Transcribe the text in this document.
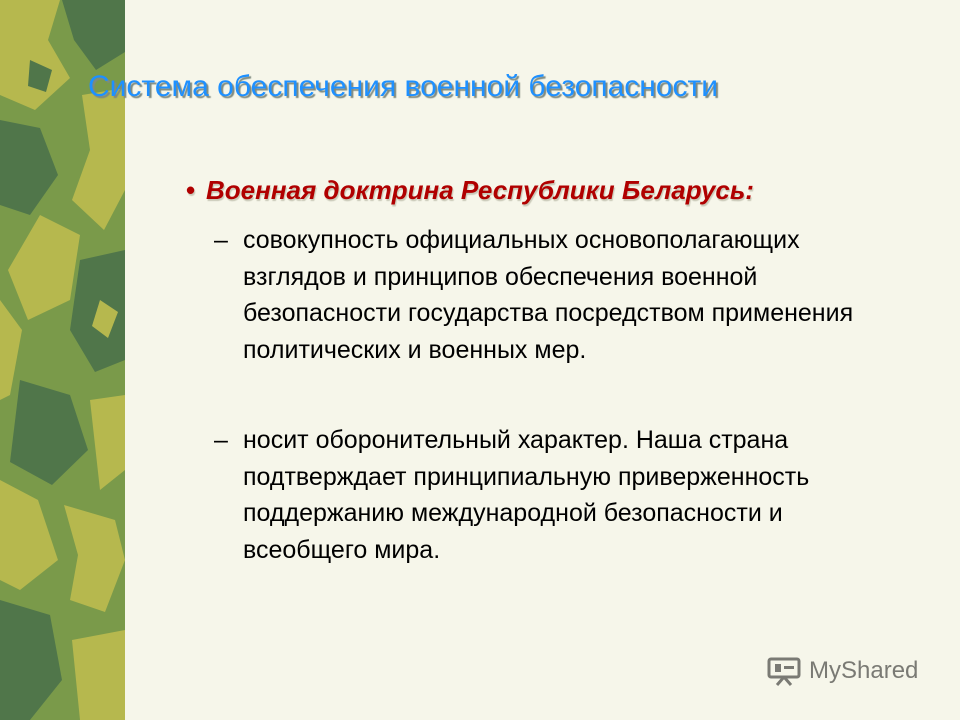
Система обеспечения военной безопасности
• Военная доктрина Республики Беларусь:
– совокупность официальных основополагающих взглядов и принципов обеспечения военной безопасности государства посредством применения политических и военных мер.
– носит оборонительный характер. Наша страна подтверждает принципиальную приверженность поддержанию международной безопасности и всеобщего мира.
MyShared
